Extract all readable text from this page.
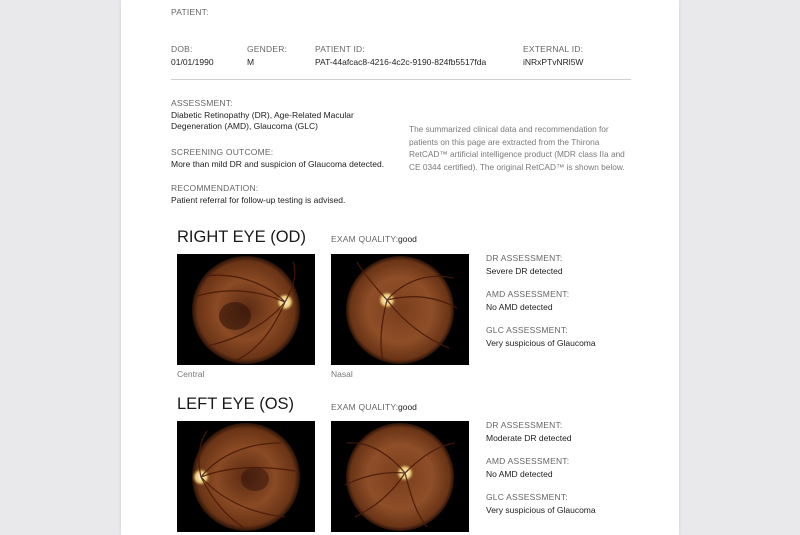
PATIENT:
DOB:
01/01/1990
GENDER:
M
PATIENT ID:
PAT-44afcac8-4216-4c2c-9190-824fb5517fda
EXTERNAL ID:
iNRxPTvNRl5W
ASSESSMENT:
Diabetic Retinopathy (DR), Age-Related Macular
Degeneration (AMD), Glaucoma (GLC)
SCREENING OUTCOME:
More than mild DR and suspicion of Glaucoma detected.
RECOMMENDATION:
Patient referral for follow-up testing is advised.
The summarized clinical data and recommendation for
patients on this page are extracted from the Thirona
RetCAD™ artificial intelligence product (MDR class IIa and
CE 0344 certified). The original RetCAD™ is shown below.
RIGHT EYE (OD)	EXAM QUALITY: good
Central	Nasal
DR ASSESSMENT:
Severe DR detected
AMD ASSESSMENT:
No AMD detected
GLC ASSESSMENT:
Very suspicious of Glaucoma
LEFT EYE (OS)	EXAM QUALITY: good
DR ASSESSMENT:
Moderate DR detected
AMD ASSESSMENT:
No AMD detected
GLC ASSESSMENT:
Very suspicious of Glaucoma
